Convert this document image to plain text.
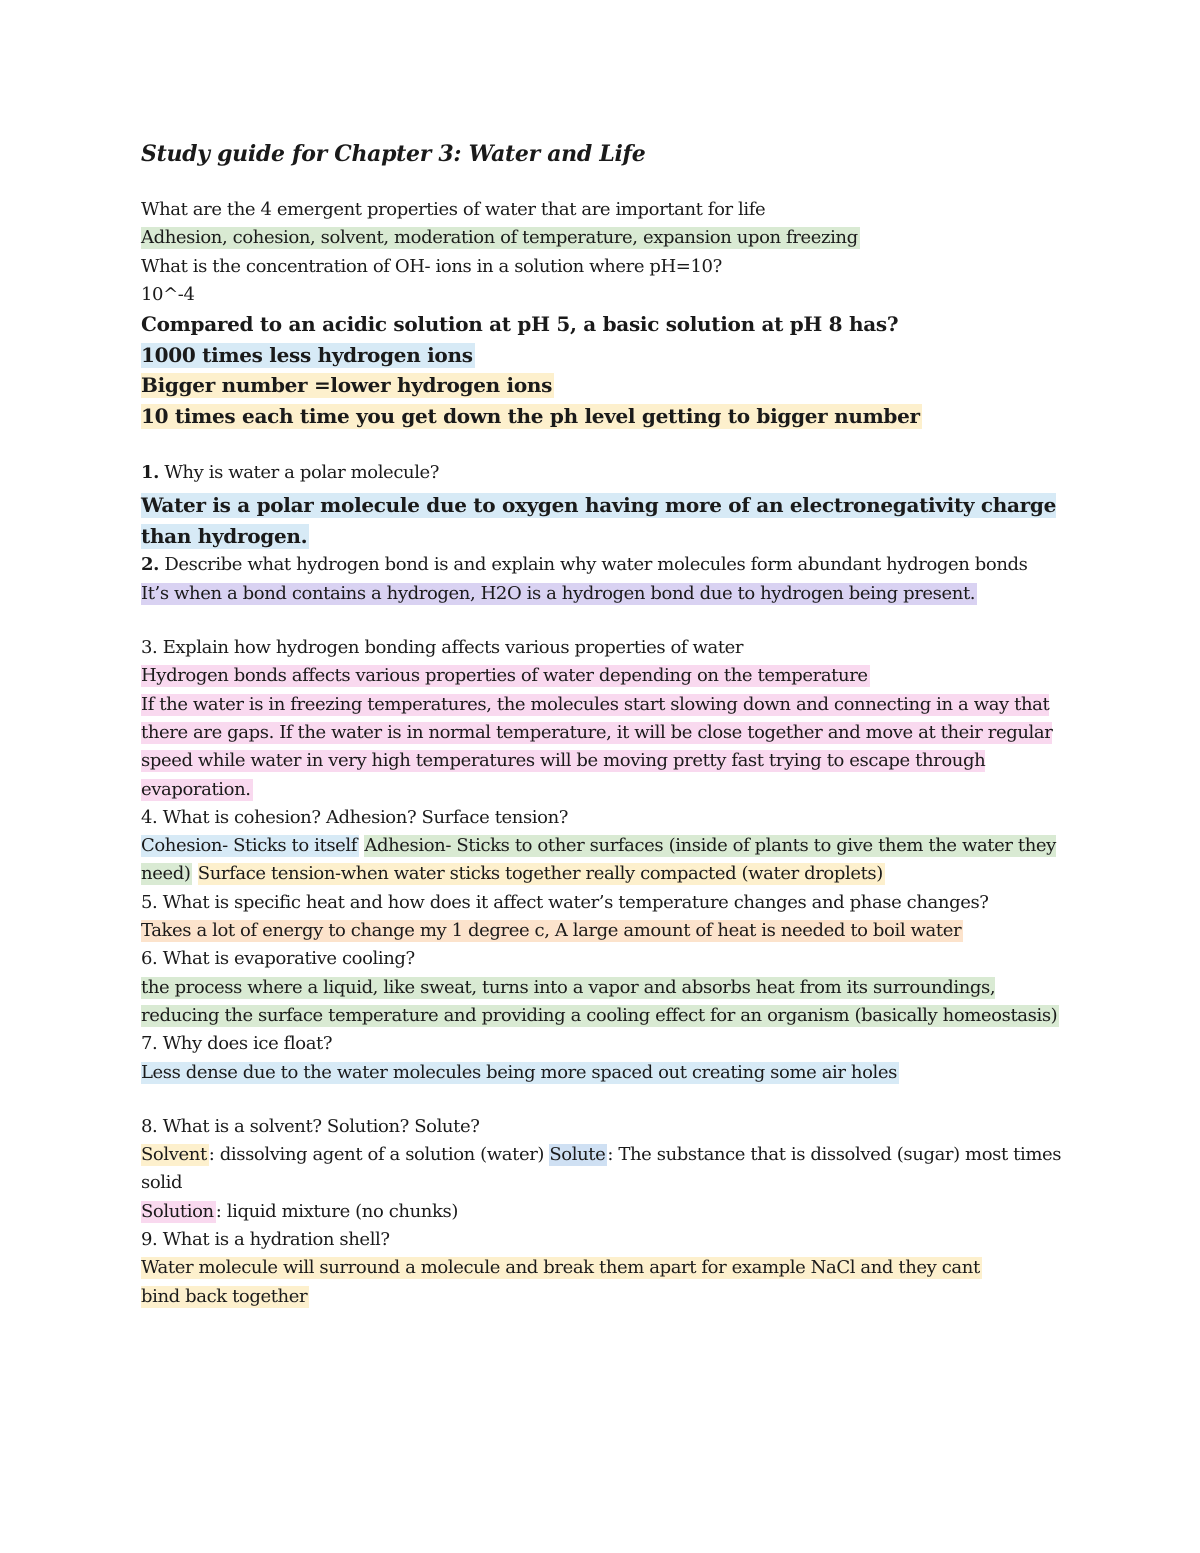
Study guide for Chapter 3: Water and Life
What are the 4 emergent properties of water that are important for life
Adhesion, cohesion, solvent, moderation of temperature, expansion upon freezing
What is the concentration of OH- ions in a solution where pH=10?
10^-4
Compared to an acidic solution at pH 5, a basic solution at pH 8 has?
1000 times less hydrogen ions
Bigger number =lower hydrogen ions
10 times each time you get down the ph level getting to bigger number
1. Why is water a polar molecule?
Water is a polar molecule due to oxygen having more of an electronegativity charge than hydrogen.
2. Describe what hydrogen bond is and explain why water molecules form abundant hydrogen bonds
It’s when a bond contains a hydrogen, H2O is a hydrogen bond due to hydrogen being present.
3. Explain how hydrogen bonding affects various properties of water
Hydrogen bonds affects various properties of water depending on the temperature
If the water is in freezing temperatures, the molecules start slowing down and connecting in a way that there are gaps. If the water is in normal temperature, it will be close together and move at their regular speed while water in very high temperatures will be moving pretty fast trying to escape through evaporation.
4. What is cohesion? Adhesion? Surface tension?
Cohesion- Sticks to itself Adhesion- Sticks to other surfaces (inside of plants to give them the water they need) Surface tension-when water sticks together really compacted (water droplets)
5. What is specific heat and how does it affect water’s temperature changes and phase changes?
Takes a lot of energy to change my 1 degree c, A large amount of heat is needed to boil water
6. What is evaporative cooling?
the process where a liquid, like sweat, turns into a vapor and absorbs heat from its surroundings, reducing the surface temperature and providing a cooling effect for an organism (basically homeostasis)
7. Why does ice float?
Less dense due to the water molecules being more spaced out creating some air holes
8. What is a solvent? Solution? Solute?
Solvent : dissolving agent of a solution (water) Solute : The substance that is dissolved (sugar) most times solid
Solution : liquid mixture (no chunks)
9. What is a hydration shell?
Water molecule will surround a molecule and break them apart for example NaCl and they cant
bind back together
